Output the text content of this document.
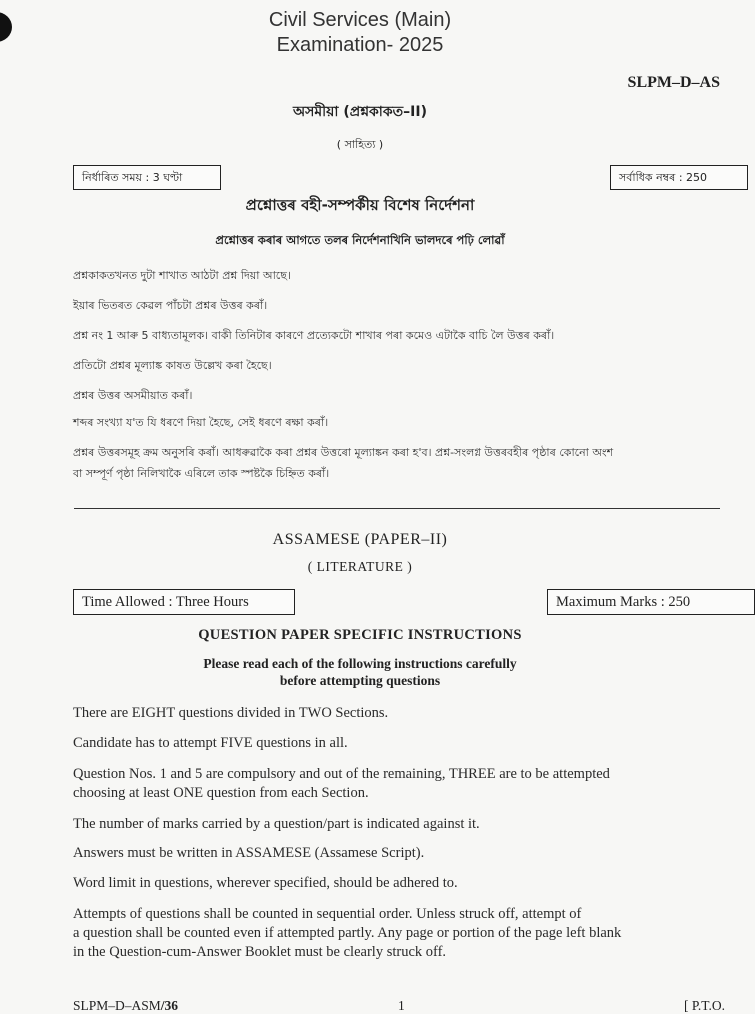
Civil Services (Main)
Examination- 2025
SLPM–D–AS
অসমীয়া (প্ৰশ্নকাকত–II)
( সাহিত্য )
নিৰ্ধাৰিত সময় : 3 ঘণ্টা	সৰ্বাধিক নম্বৰ : 250
প্ৰশ্নোত্তৰ বহী-সম্পৰ্কীয় বিশেষ নিৰ্দেশনা
প্ৰশ্নোত্তৰ কৰাৰ আগতে তলৰ নিৰ্দেশনাখিনি ভালদৰে পঢ়ি লোৱাঁ
প্ৰশ্নকাকতখনত দুটা শাখাত আঠটা প্ৰশ্ন দিয়া আছে।
ইয়াৰ ভিতৰত কেৱল পাঁচটা প্ৰশ্নৰ উত্তৰ কৰাঁ।
প্ৰশ্ন নং 1 আৰু 5 বাধ্যতামূলক। বাকী তিনিটাৰ কাৰণে প্ৰত্যেকটো শাখাৰ পৰা কমেও এটাকৈ বাচি লৈ উত্তৰ কৰাঁ।
প্ৰতিটো প্ৰশ্নৰ মূল্যাঙ্ক কাষত উল্লেখ কৰা হৈছে।
প্ৰশ্নৰ উত্তৰ অসমীয়াত কৰাঁ।
শব্দৰ সংখ্যা য'ত যি ধৰণে দিয়া হৈছে, সেই ধৰণে ৰক্ষা কৰাঁ।
প্ৰশ্নৰ উত্তৰসমূহ ক্ৰম অনুসৰি কৰাঁ। আধৰুৱাকৈ কৰা প্ৰশ্নৰ উত্তৰো মূল্যাঙ্কন কৰা হ'ব। প্ৰশ্ন-সংলগ্ন উত্তৰবহীৰ পৃষ্ঠাৰ কোনো অংশ
বা সম্পূৰ্ণ পৃষ্ঠা নিলিখাকৈ এৰিলে তাক স্পষ্টকৈ চিহ্নিত কৰাঁ।
ASSAMESE (PAPER–II)
( LITERATURE )
Time Allowed : Three Hours	Maximum Marks : 250
QUESTION PAPER SPECIFIC INSTRUCTIONS
Please read each of the following instructions carefully
before attempting questions
There are EIGHT questions divided in TWO Sections.
Candidate has to attempt FIVE questions in all.
Question Nos. 1 and 5 are compulsory and out of the remaining, THREE are to be attempted
choosing at least ONE question from each Section.
The number of marks carried by a question/part is indicated against it.
Answers must be written in ASSAMESE (Assamese Script).
Word limit in questions, wherever specified, should be adhered to.
Attempts of questions shall be counted in sequential order. Unless struck off, attempt of
a question shall be counted even if attempted partly. Any page or portion of the page left blank
in the Question-cum-Answer Booklet must be clearly struck off.
SLPM–D–ASM/36	1	[ P.T.O.
